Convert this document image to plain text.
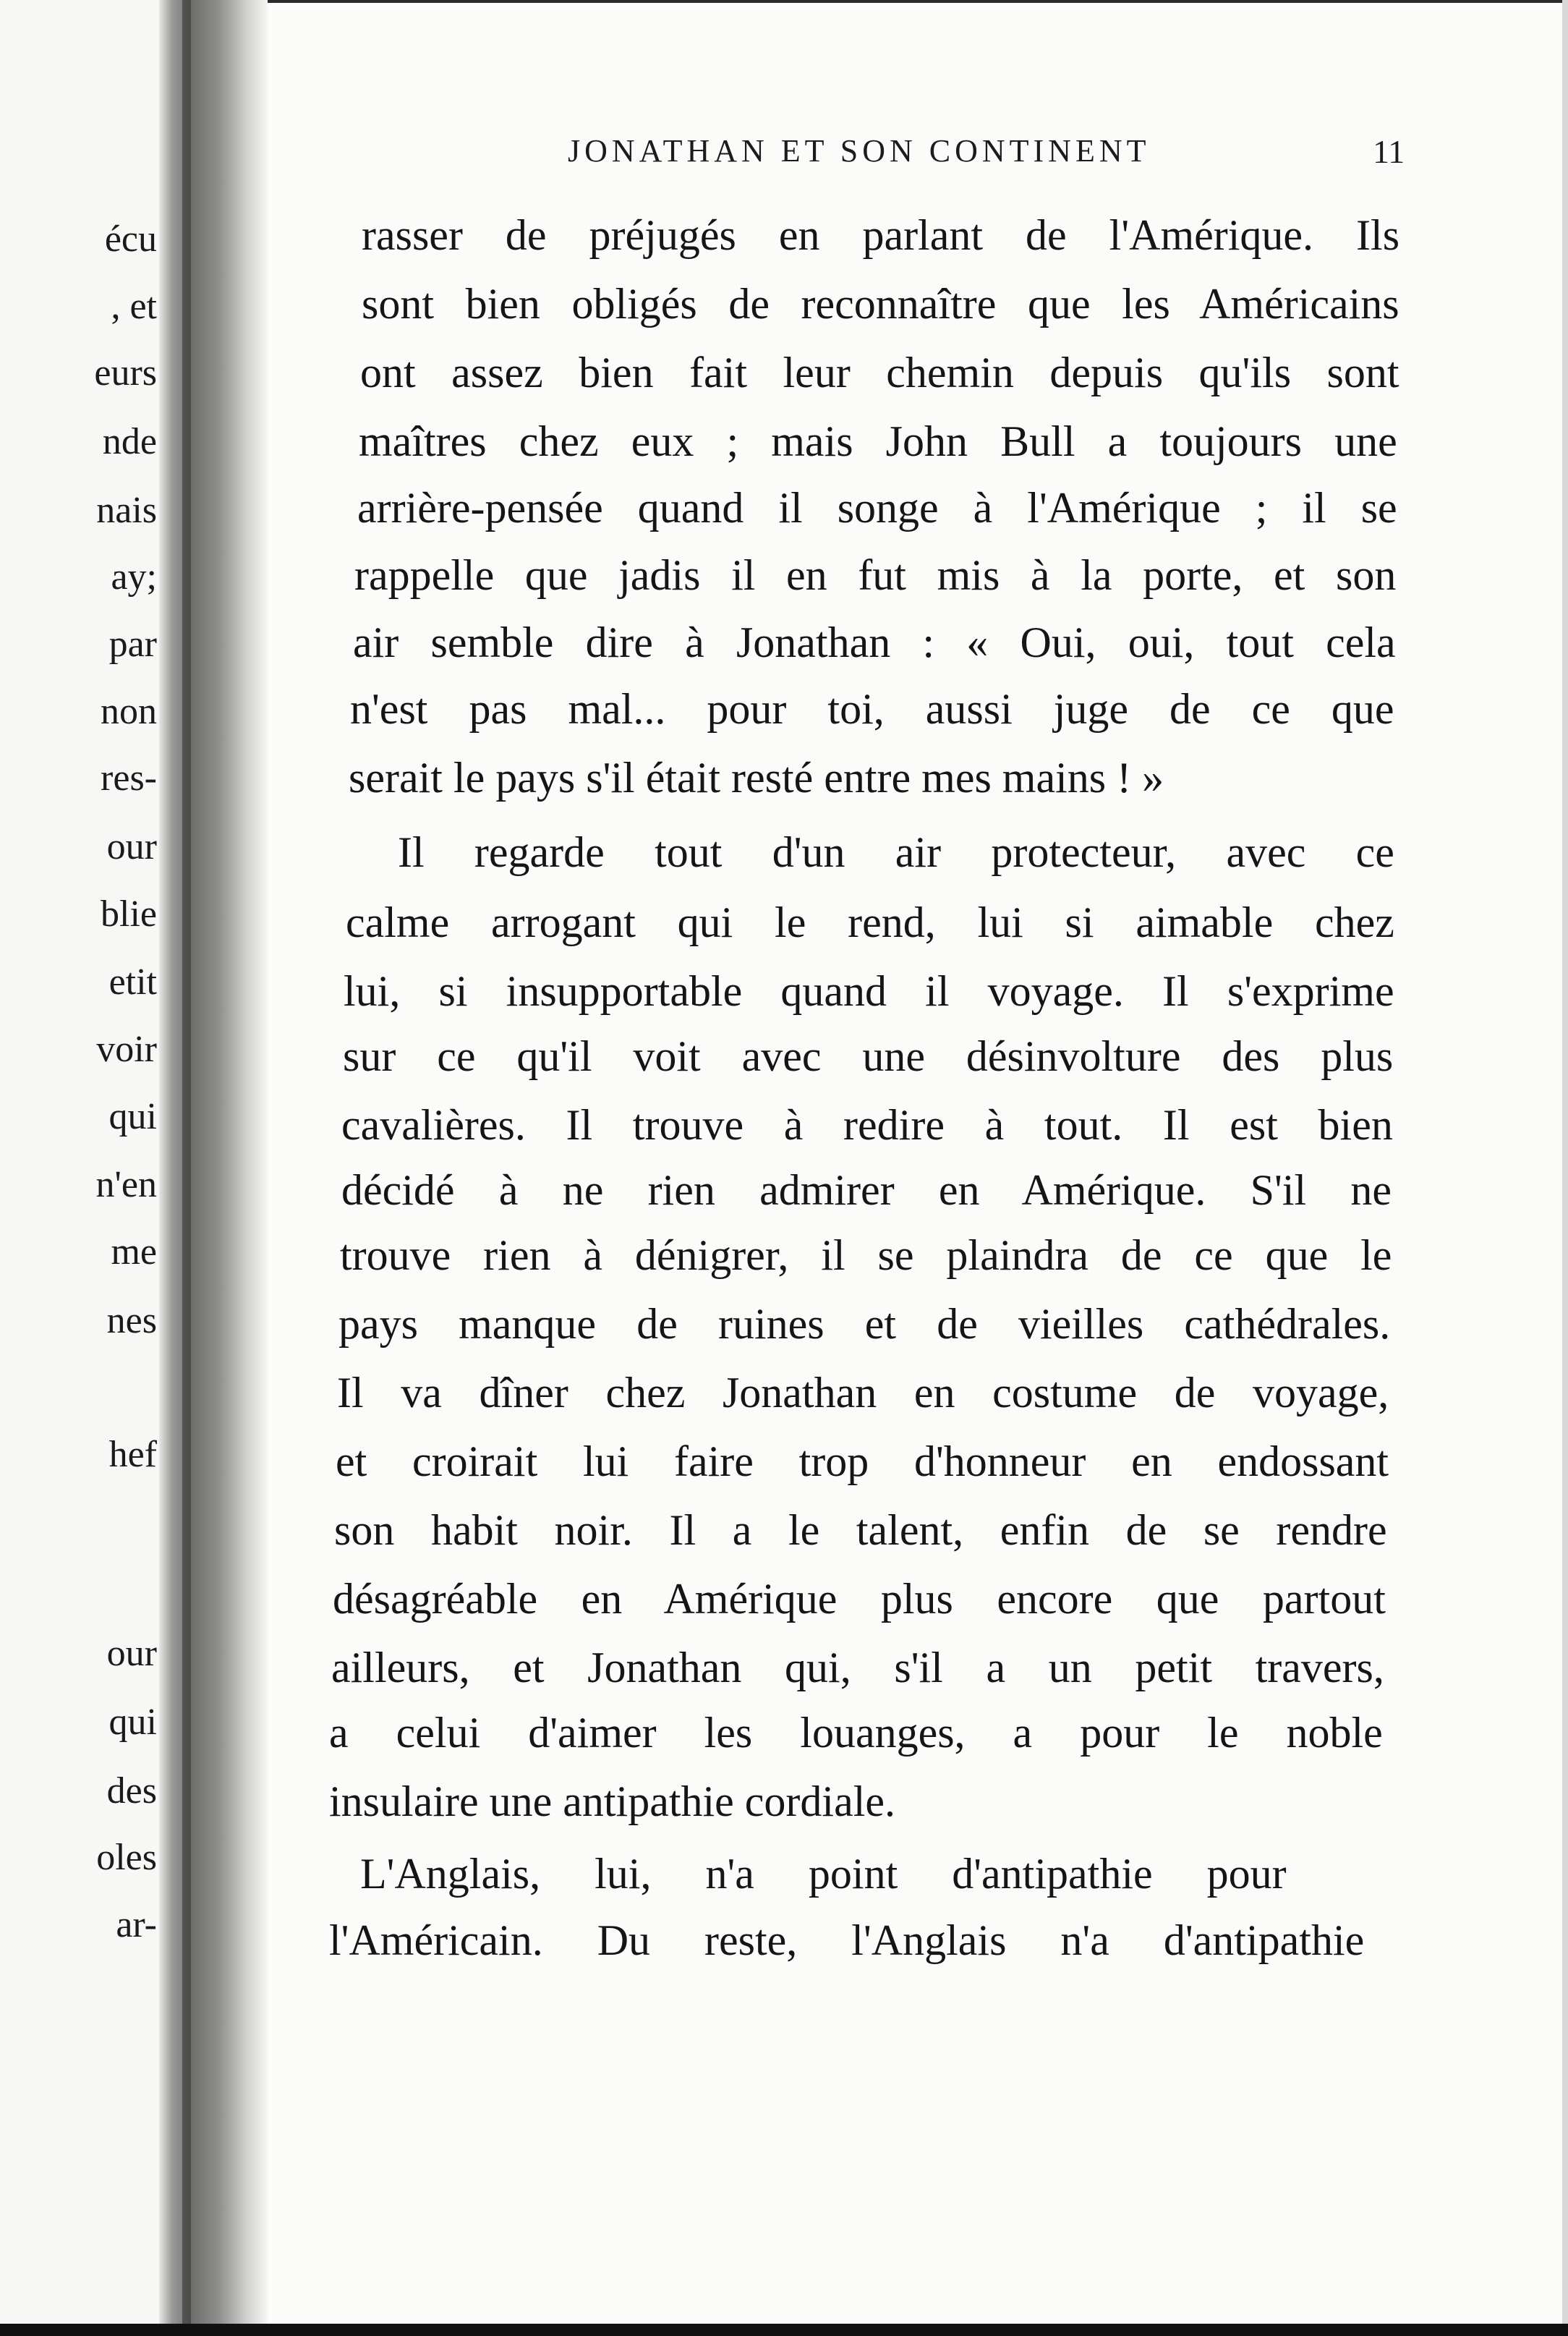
écu
, et
eurs
nde
nais
ay;
par
non
res-
our
blie
etit
voir
qui
n'en
me
nes
hef
our
qui
des
oles
ar-
JONATHAN ET SON CONTINENT	11
rasser de préjugés en parlant de l'Amérique. Ils
sont bien obligés de reconnaître que les Américains
ont assez bien fait leur chemin depuis qu'ils sont
maîtres chez eux ; mais John Bull a toujours une
arrière-pensée quand il songe à l'Amérique ; il se
rappelle que jadis il en fut mis à la porte, et son
air semble dire à Jonathan : « Oui, oui, tout cela
n'est pas mal... pour toi, aussi juge de ce que
serait le pays s'il était resté entre mes mains ! »
Il regarde tout d'un air protecteur, avec ce
calme arrogant qui le rend, lui si aimable chez
lui, si insupportable quand il voyage. Il s'exprime
sur ce qu'il voit avec une désinvolture des plus
cavalières. Il trouve à redire à tout. Il est bien
décidé à ne rien admirer en Amérique. S'il ne
trouve rien à dénigrer, il se plaindra de ce que le
pays manque de ruines et de vieilles cathédrales.
Il va dîner chez Jonathan en costume de voyage,
et croirait lui faire trop d'honneur en endossant
son habit noir. Il a le talent, enfin de se rendre
désagréable en Amérique plus encore que partout
ailleurs, et Jonathan qui, s'il a un petit travers,
a celui d'aimer les louanges, a pour le noble
insulaire une antipathie cordiale.
L'Anglais, lui, n'a point d'antipathie pour
l'Américain. Du reste, l'Anglais n'a d'antipathie
